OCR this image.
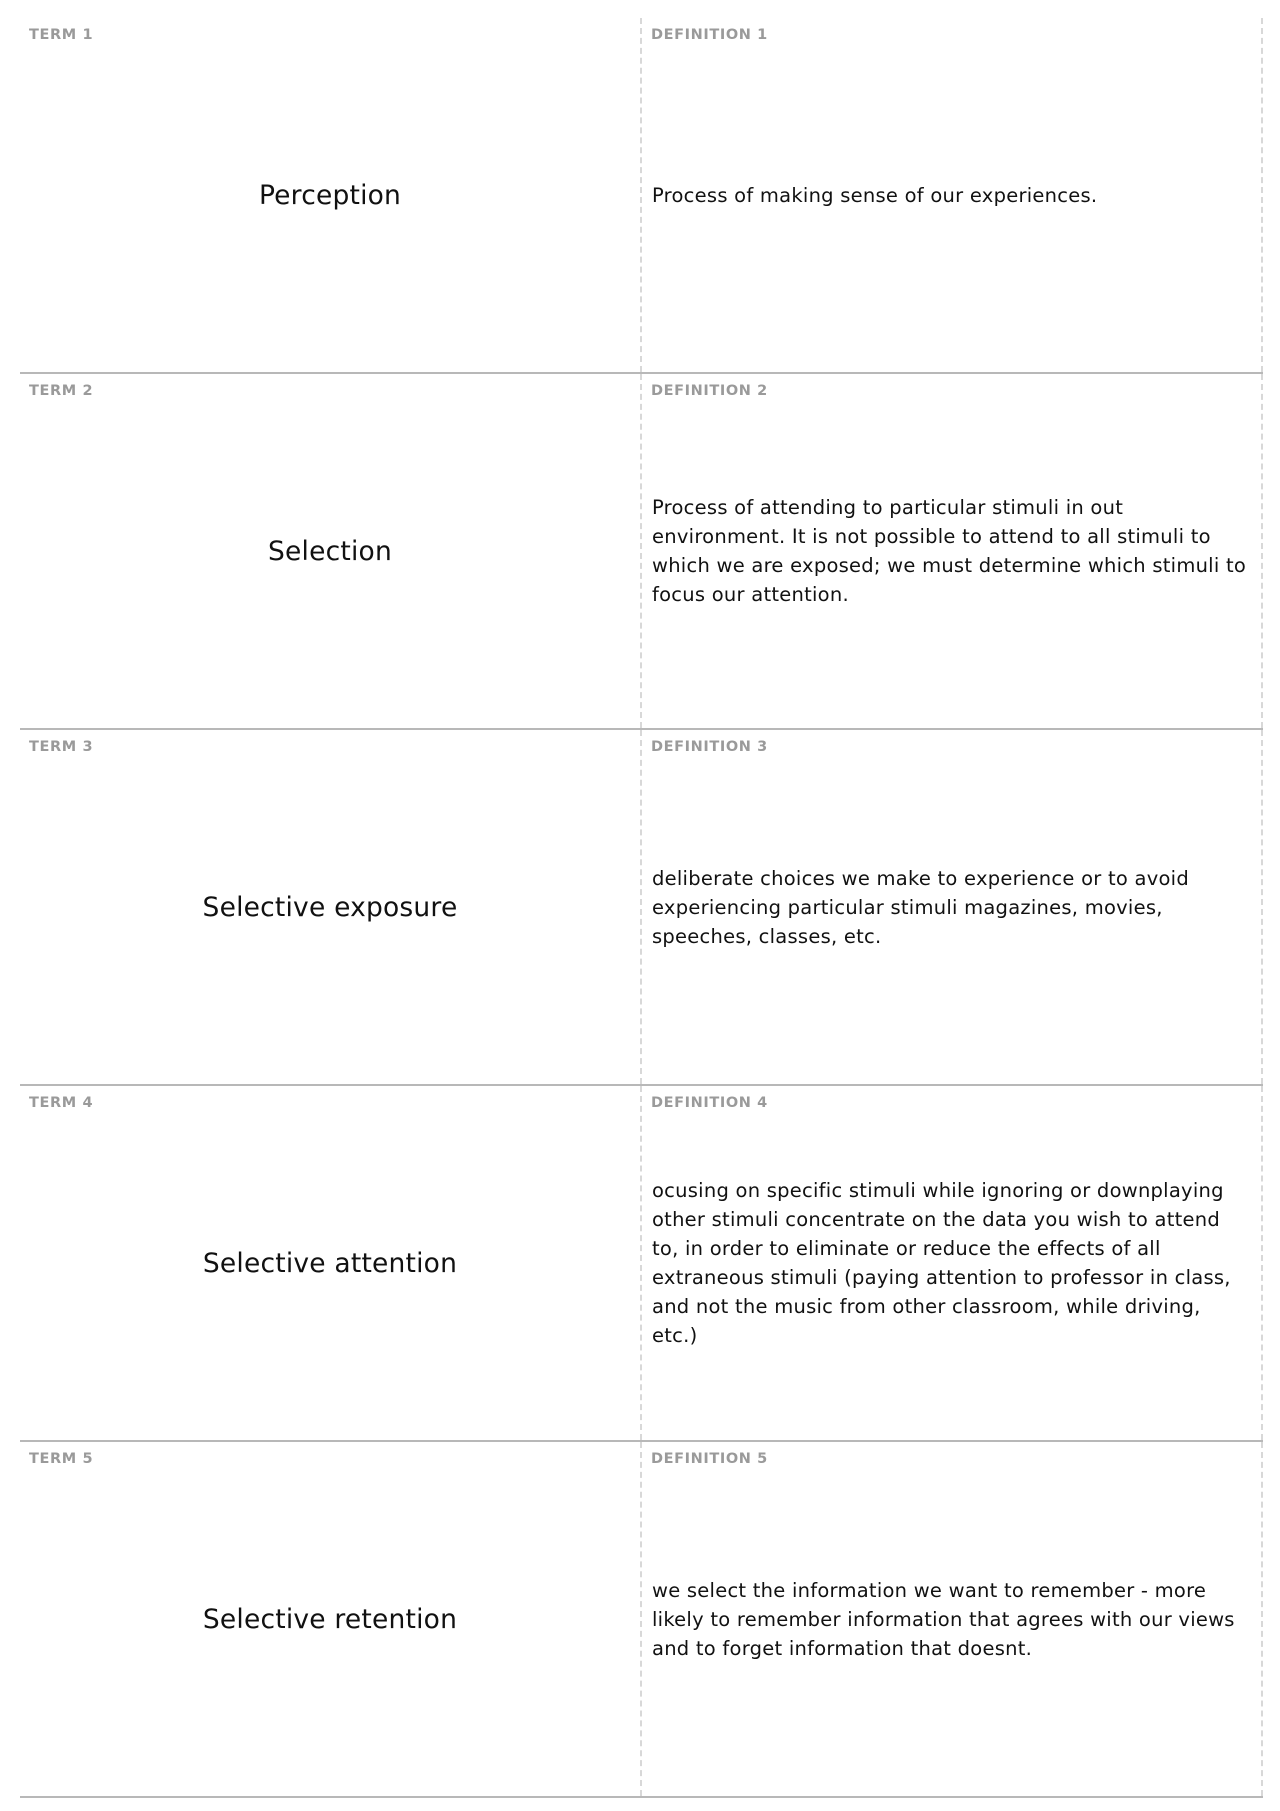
TERM 1
Perception
DEFINITION 1
Process of making sense of our experiences.
TERM 2
Selection
DEFINITION 2
Process of attending to particular stimuli in out environment. It is not possible to attend to all stimuli to which we are exposed; we must determine which stimuli to focus our attention.
TERM 3
Selective exposure
DEFINITION 3
deliberate choices we make to experience or to avoid experiencing particular stimuli magazines, movies, speeches, classes, etc.
TERM 4
Selective attention
DEFINITION 4
ocusing on specific stimuli while ignoring or downplaying other stimuli concentrate on the data you wish to attend to, in order to eliminate or reduce the effects of all extraneous stimuli (paying attention to professor in class, and not the music from other classroom, while driving, etc.)
TERM 5
Selective retention
DEFINITION 5
we select the information we want to remember - more likely to remember information that agrees with our views and to forget information that doesnt.
